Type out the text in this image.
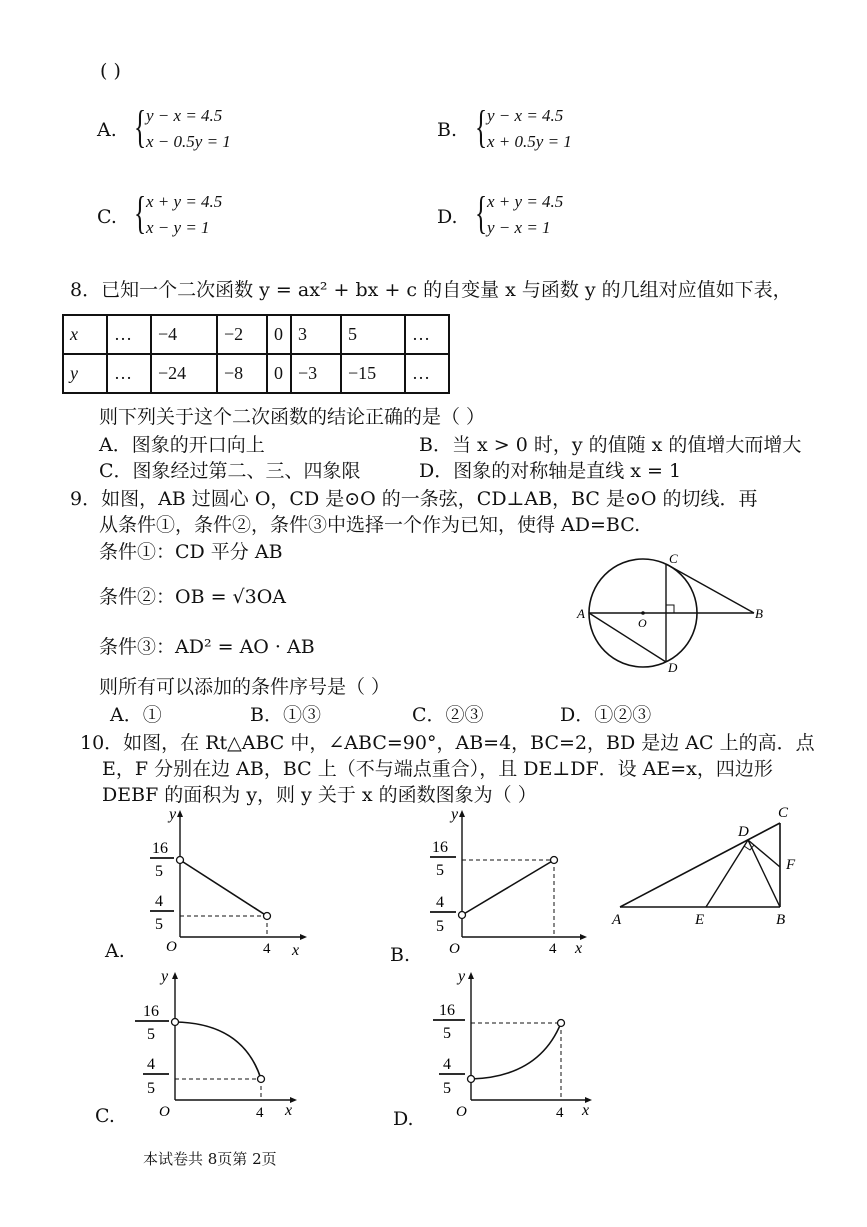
( )
A. { y − x = 4.5
x − 0.5y = 1
B. { y − x = 4.5
x + 0.5y = 1
C. { x + y = 4.5
x − y = 1	D. { x + y = 4.5
y − x = 1
8．已知一个二次函数 y = ax² + bx + c 的自变量 x 与函数 y 的几组对应值如下表，
x	…	−4	−2	0	3	5	…
y	…	−24	−8	0	−3	−15	…
则下列关于这个二次函数的结论正确的是（ ）
A．图象的开口向上	B．当 x > 0 时，y 的值随 x 的值增大而增大
C．图象经过第二、三、四象限	D．图象的对称轴是直线 x = 1
9．如图，AB 过圆心 O，CD 是⊙O 的一条弦，CD⊥AB，BC 是⊙O 的切线．再
从条件①，条件②，条件③中选择一个作为已知，使得 AD=BC.
条件①：CD 平分 AB
条件②：OB = √3OA
条件③：AD² = AO · AB
则所有可以添加的条件序号是（ ）
A．①	B．①③	C．②③	D．①②③
A	B
C
D
O
10．如图，在 Rt△ABC 中，∠ABC=90°，AB=4，BC=2，BD 是边 AC 上的高．点
E，F 分别在边 AB，BC 上（不与端点重合），且 DE⊥DF．设 AE=x，四边形
DEBF 的面积为 y，则 y 关于 x 的函数图象为（ ）
A	B
C
D
E
F
A.
16
5
4
5
O	4 x
y
B.
16
5
4
5
O	4 x
y
C.
16
5
4
5
O	4 x
y
D.
16
5
4
5
O	4 x
y
本试卷共 8页第 2页
